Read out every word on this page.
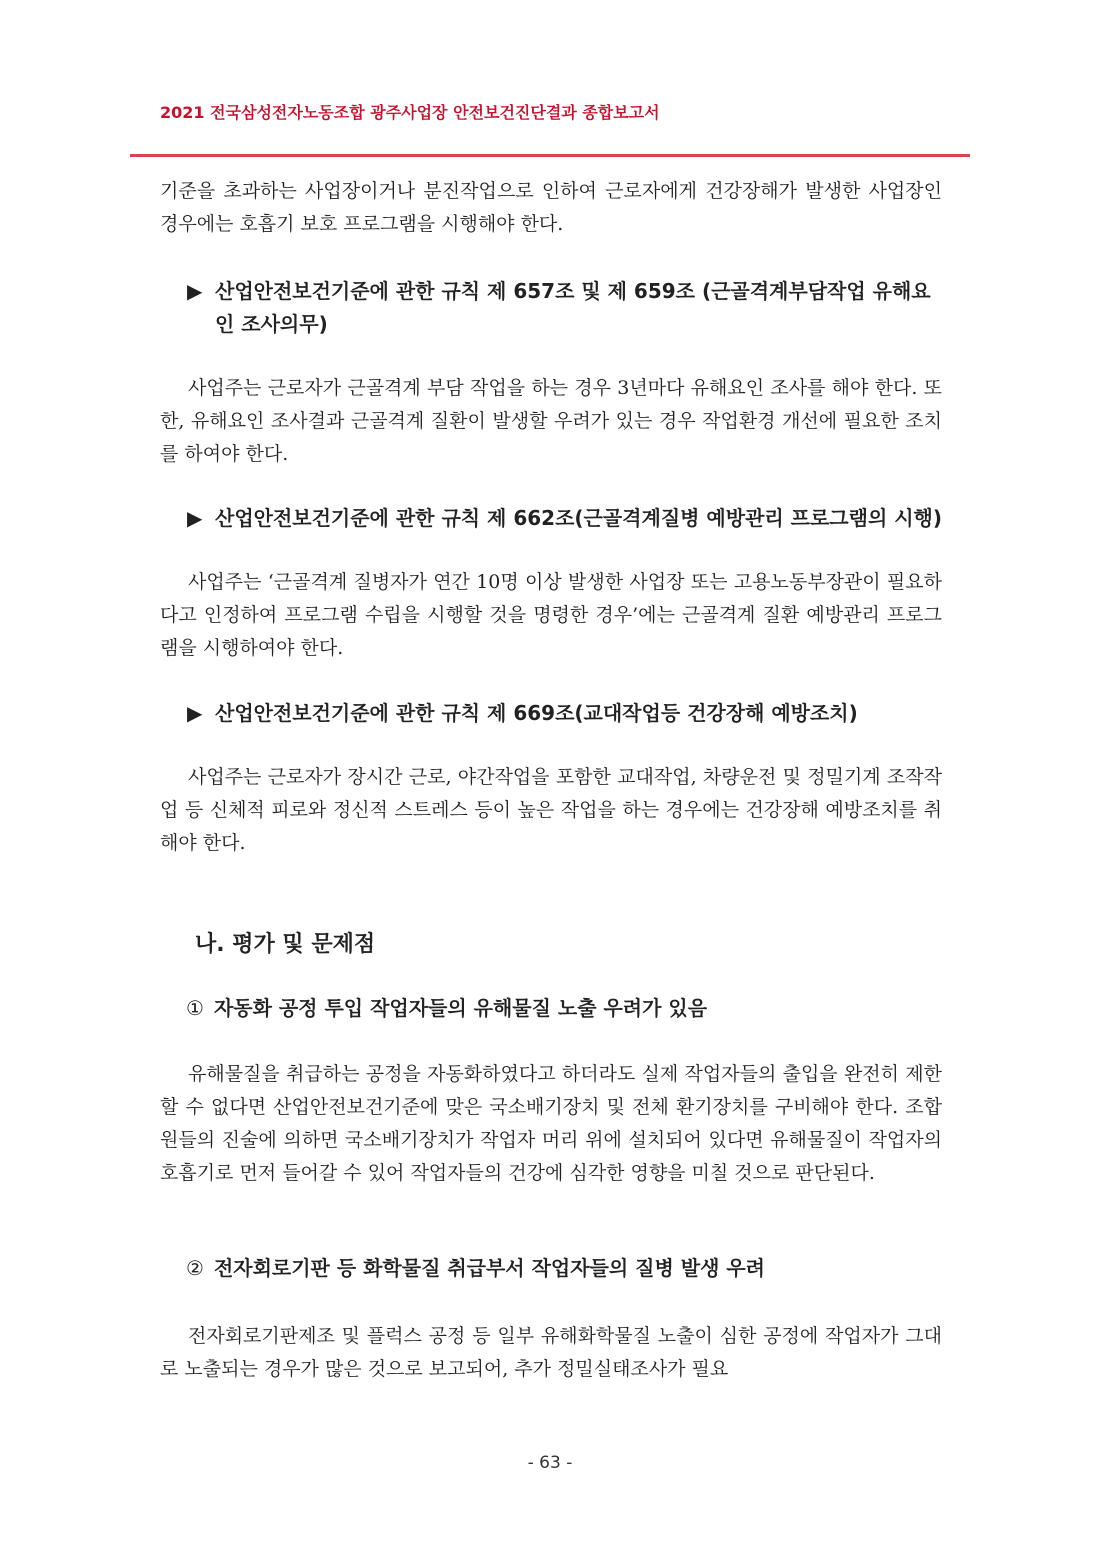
2021 전국삼성전자노동조합 광주사업장 안전보건진단결과 종합보고서

기준을 초과하는 사업장이거나 분진작업으로 인하여 근로자에게 건강장해가 발생한 사업장인 경우에는 호흡기 보호 프로그램을 시행해야 한다.

▶ 산업안전보건기준에 관한 규칙 제 657조 및 제 659조 (근골격계부담작업 유해요인 조사의무)

사업주는 근로자가 근골격계 부담 작업을 하는 경우 3년마다 유해요인 조사를 해야 한다. 또한, 유해요인 조사결과 근골격계 질환이 발생할 우려가 있는 경우 작업환경 개선에 필요한 조치를 하여야 한다.

▶ 산업안전보건기준에 관한 규칙 제 662조(근골격계질병 예방관리 프로그램의 시행)

사업주는 ‘근골격계 질병자가 연간 10명 이상 발생한 사업장 또는 고용노동부장관이 필요하다고 인정하여 프로그램 수립을 시행할 것을 명령한 경우’에는 근골격계 질환 예방관리 프로그램을 시행하여야 한다.

▶ 산업안전보건기준에 관한 규칙 제 669조(교대작업등 건강장해 예방조치)

사업주는 근로자가 장시간 근로, 야간작업을 포함한 교대작업, 차량운전 및 정밀기계 조작작업 등 신체적 피로와 정신적 스트레스 등이 높은 작업을 하는 경우에는 건강장해 예방조치를 취해야 한다.

나. 평가 및 문제점

① 자동화 공정 투입 작업자들의 유해물질 노출 우려가 있음

유해물질을 취급하는 공정을 자동화하였다고 하더라도 실제 작업자들의 출입을 완전히 제한할 수 없다면 산업안전보건기준에 맞은 국소배기장치 및 전체 환기장치를 구비해야 한다. 조합원들의 진술에 의하면 국소배기장치가 작업자 머리 위에 설치되어 있다면 유해물질이 작업자의 호흡기로 먼저 들어갈 수 있어 작업자들의 건강에 심각한 영향을 미칠 것으로 판단된다.

② 전자회로기판 등 화학물질 취급부서 작업자들의 질병 발생 우려

전자회로기판제조 및 플럭스 공정 등 일부 유해화학물질 노출이 심한 공정에 작업자가 그대로 노출되는 경우가 많은 것으로 보고되어, 추가 정밀실태조사가 필요

- 63 -
